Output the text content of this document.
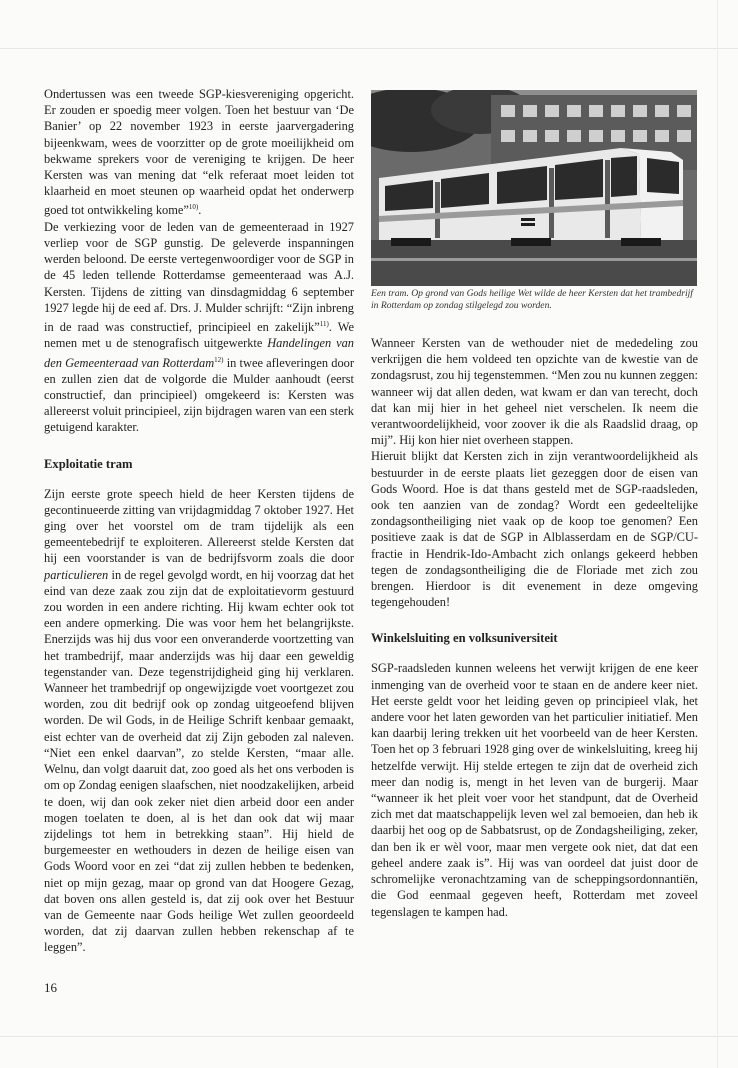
Ondertussen was een tweede SGP-kiesvereniging opgericht. Er zouden er spoedig meer volgen. Toen het bestuur van ‘De Banier’ op 22 november 1923 in eerste jaarvergadering bijeenkwam, wees de voorzitter op de grote moeilijkheid om bekwame sprekers voor de vereniging te krijgen. De heer Kersten was van mening dat “elk referaat moet leiden tot klaarheid en moet steunen op waarheid opdat het onderwerp goed tot ontwikkeling kome”$^{10)}$.

De verkiezing voor de leden van de gemeenteraad in 1927 verliep voor de SGP gunstig. De geleverde inspanningen werden beloond. De eerste vertegenwoordiger voor de SGP in de 45 leden tellende Rotterdamse gemeenteraad was A.J. Kersten. Tijdens de zitting van dinsdagmiddag 6 september 1927 legde hij de eed af. Drs. J. Mulder schrijft: “Zijn inbreng in de raad was constructief, principieel en zakelijk”$^{11)}$. We nemen met u de stenografisch uitgewerkte Handelingen van den Gemeenteraad van Rotterdam$^{12)}$ in twee afleveringen door en zullen zien dat de volgorde die Mulder aanhoudt (eerst constructief, dan principieel) omgekeerd is: Kersten was allereerst voluit principieel, zijn bijdragen waren van een sterk getuigend karakter.

Exploitatie tram

Zijn eerste grote speech hield de heer Kersten tijdens de gecontinueerde zitting van vrijdagmiddag 7 oktober 1927. Het ging over het voorstel om de tram tijdelijk als een gemeentebedrijf te exploiteren. Allereerst stelde Kersten dat hij een voorstander is van de bedrijfsvorm zoals die door particulieren in de regel gevolgd wordt, en hij voorzag dat het eind van deze zaak zou zijn dat de exploitatievorm gestuurd zou worden in een andere richting. Hij kwam echter ook tot een andere opmerking. Die was voor hem het belangrijkste. Enerzijds was hij dus voor een onveranderde voortzetting van het trambedrijf, maar anderzijds was hij daar een geweldig tegenstander van. Deze tegenstrijdigheid ging hij verklaren. Wanneer het trambedrijf op ongewijzigde voet voortgezet zou worden, zou dit bedrijf ook op zondag uitgeoefend blijven worden. De wil Gods, in de Heilige Schrift kenbaar gemaakt, eist echter van de overheid dat zij Zijn geboden zal naleven. “Niet een enkel daarvan”, zo stelde Kersten, “maar alle. Welnu, dan volgt daaruit dat, zoo goed als het ons verboden is om op Zondag eenigen slaafschen, niet noodzakelijken, arbeid te doen, wij dan ook zeker niet dien arbeid door een ander mogen toelaten te doen, al is het dan ook dat wij maar zijdelings tot hem in betrekking staan”. Hij hield de burgemeester en wethouders in dezen de heilige eisen van Gods Woord voor en zei “dat zij zullen hebben te bedenken, niet op mijn gezag, maar op grond van dat Hoogere Gezag, dat boven ons allen gesteld is, dat zij ook over het Bestuur van de Gemeente naar Gods heilige Wet zullen geoordeeld worden, dat zij daarvan zullen hebben rekenschap af te leggen”.

Een tram. Op grond van Gods heilige Wet wilde de heer Kersten dat het trambedrijf in Rotterdam op zondag stilgelegd zou worden.

Wanneer Kersten van de wethouder niet de mededeling zou verkrijgen die hem voldeed ten opzichte van de kwestie van de zondagsrust, zou hij tegenstemmen. “Men zou nu kunnen zeggen: wanneer wij dat allen deden, wat kwam er dan van terecht, doch dat kan mij hier in het geheel niet verschelen. Ik neem die verantwoordelijkheid, voor zoover ik die als Raadslid draag, op mij”. Hij kon hier niet overheen stappen.

Hieruit blijkt dat Kersten zich in zijn verantwoordelijkheid als bestuurder in de eerste plaats liet gezeggen door de eisen van Gods Woord. Hoe is dat thans gesteld met de SGP-raadsleden, ook ten aanzien van de zondag? Wordt een gedeeltelijke zondagsontheiliging niet vaak op de koop toe genomen? Een positieve zaak is dat de SGP in Alblasserdam en de SGP/CU-fractie in Hendrik-Ido-Ambacht zich onlangs gekeerd hebben tegen de zondagsontheiliging die de Floriade met zich zou brengen. Hierdoor is dit evenement in deze omgeving tegengehouden!

Winkelsluiting en volksuniversiteit

SGP-raadsleden kunnen weleens het verwijt krijgen de ene keer inmenging van de overheid voor te staan en de andere keer niet. Het eerste geldt voor het leiding geven op principieel vlak, het andere voor het laten geworden van het particulier initiatief. Men kan daarbij lering trekken uit het voorbeeld van de heer Kersten. Toen het op 3 februari 1928 ging over de winkelsluiting, kreeg hij hetzelfde verwijt. Hij stelde ertegen te zijn dat de overheid zich meer dan nodig is, mengt in het leven van de burgerij. Maar “wanneer ik het pleit voer voor het standpunt, dat de Overheid zich met dat maatschappelijk leven wel zal bemoeien, dan heb ik daarbij het oog op de Sabbatsrust, op de Zondagsheiliging, zeker, dan ben ik er wèl voor, maar men vergete ook niet, dat dat een geheel andere zaak is”. Hij was van oordeel dat juist door de schromelijke veronachtzaming van de scheppingsordonnantiën, die God eenmaal gegeven heeft, Rotterdam met zoveel tegenslagen te kampen had.

16
